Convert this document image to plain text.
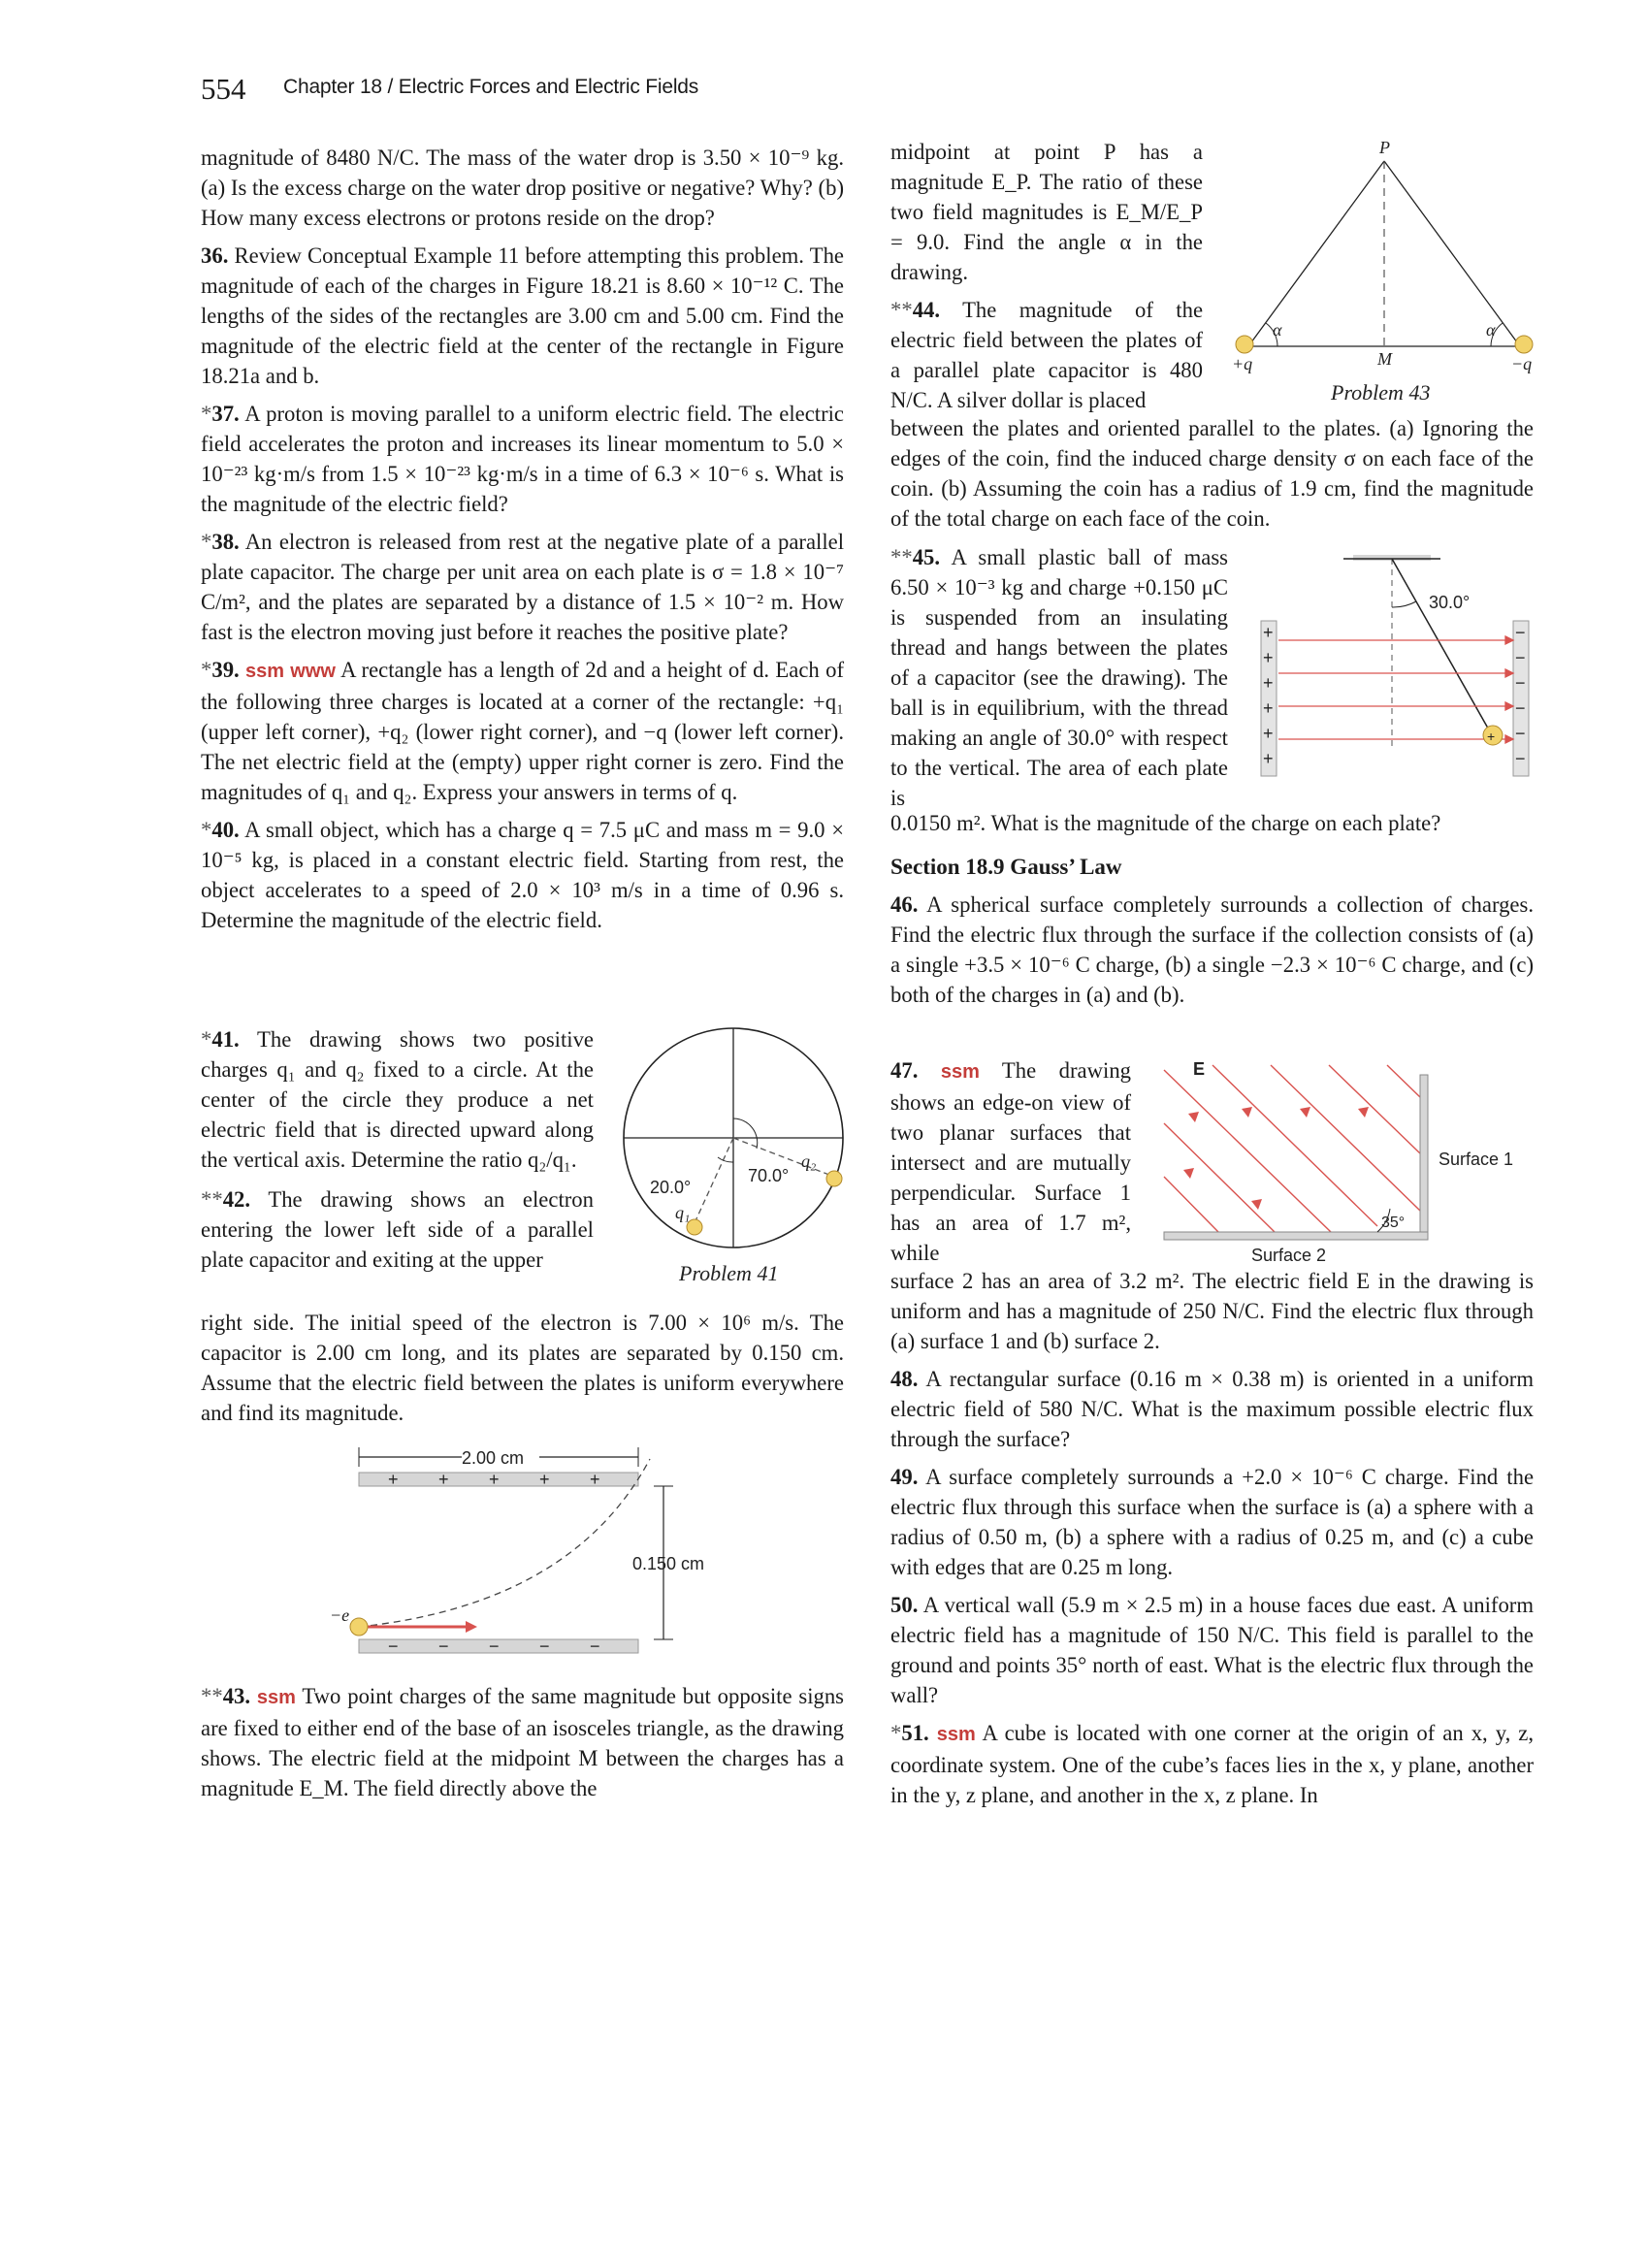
554 Chapter 18 / Electric Forces and Electric Fields

magnitude of 8480 N/C. The mass of the water drop is 3.50 × 10⁻⁹ kg. (a) Is the excess charge on the water drop positive or negative? Why? (b) How many excess electrons or protons reside on the drop?

36. Review Conceptual Example 11 before attempting this problem. The magnitude of each of the charges in Figure 18.21 is 8.60 × 10⁻¹² C. The lengths of the sides of the rectangles are 3.00 cm and 5.00 cm. Find the magnitude of the electric field at the center of the rectangle in Figure 18.21a and b.

*37. A proton is moving parallel to a uniform electric field. The electric field accelerates the proton and increases its linear momentum to 5.0 × 10⁻²³ kg·m/s from 1.5 × 10⁻²³ kg·m/s in a time of 6.3 × 10⁻⁶ s. What is the magnitude of the electric field?

*38. An electron is released from rest at the negative plate of a parallel plate capacitor. The charge per unit area on each plate is σ = 1.8 × 10⁻⁷ C/m², and the plates are separated by a distance of 1.5 × 10⁻² m. How fast is the electron moving just before it reaches the positive plate?

*39. ssm www A rectangle has a length of 2d and a height of d. Each of the following three charges is located at a corner of the rectangle: +q₁ (upper left corner), +q₂ (lower right corner), and −q (lower left corner). The net electric field at the (empty) upper right corner is zero. Find the magnitudes of q₁ and q₂. Express your answers in terms of q.

*40. A small object, which has a charge q = 7.5 μC and mass m = 9.0 × 10⁻⁵ kg, is placed in a constant electric field. Starting from rest, the object accelerates to a speed of 2.0 × 10³ m/s in a time of 0.96 s. Determine the magnitude of the electric field.

*41. The drawing shows two positive charges q₁ and q₂ fixed to a circle. At the center of the circle they produce a net electric field that is directed upward along the vertical axis. Determine the ratio q₂/q₁.

**42. The drawing shows an electron entering the lower left side of a parallel plate capacitor and exiting at the upper

right side. The initial speed of the electron is 7.00 × 10⁶ m/s. The capacitor is 2.00 cm long, and its plates are separated by 0.150 cm. Assume that the electric field between the plates is uniform everywhere and find its magnitude.

q₂
q₁
70.0°
20.0°
Problem 41
2.00 cm
+ + + + +
− − − − −
−e
0.150 cm

**43. ssm Two point charges of the same magnitude but opposite signs are fixed to either end of the base of an isosceles triangle, as the drawing shows. The electric field at the midpoint M between the charges has a magnitude E_M. The field directly above the

midpoint at point P has a magnitude E_P. The ratio of these two field magnitudes is E_M/E_P = 9.0. Find the angle α in the drawing.

**44. The magnitude of the electric field between the plates of a parallel plate capacitor is 480 N/C. A silver dollar is placed

P
α	α
M
+q	−q
Problem 43

between the plates and oriented parallel to the plates. (a) Ignoring the edges of the coin, find the induced charge density σ on each face of the coin. (b) Assuming the coin has a radius of 1.9 cm, find the magnitude of the total charge on each face of the coin.

**45. A small plastic ball of mass 6.50 × 10⁻³ kg and charge +0.150 μC is suspended from an insulating thread and hangs between the plates of a capacitor (see the drawing). The ball is in equilibrium, with the thread making an angle of 30.0° with respect to the vertical. The area of each plate is

30.0°
+
+
+
+
+
+
−
−
−
−
−
−
+

0.0150 m². What is the magnitude of the charge on each plate?

Section 18.9 Gauss’ Law

46. A spherical surface completely surrounds a collection of charges. Find the electric flux through the surface if the collection consists of (a) a single +3.5 × 10⁻⁶ C charge, (b) a single −2.3 × 10⁻⁶ C charge, and (c) both of the charges in (a) and (b).

47. ssm The drawing shows an edge-on view of two planar surfaces that intersect and are mutually perpendicular. Surface 1 has an area of 1.7 m², while

E
35°
Surface 1
Surface 2

surface 2 has an area of 3.2 m². The electric field E in the drawing is uniform and has a magnitude of 250 N/C. Find the electric flux through (a) surface 1 and (b) surface 2.

48. A rectangular surface (0.16 m × 0.38 m) is oriented in a uniform electric field of 580 N/C. What is the maximum possible electric flux through the surface?

49. A surface completely surrounds a +2.0 × 10⁻⁶ C charge. Find the electric flux through this surface when the surface is (a) a sphere with a radius of 0.50 m, (b) a sphere with a radius of 0.25 m, and (c) a cube with edges that are 0.25 m long.

50. A vertical wall (5.9 m × 2.5 m) in a house faces due east. A uniform electric field has a magnitude of 150 N/C. This field is parallel to the ground and points 35° north of east. What is the electric flux through the wall?

*51. ssm A cube is located with one corner at the origin of an x, y, z, coordinate system. One of the cube’s faces lies in the x, y plane, another in the y, z plane, and another in the x, z plane. In
